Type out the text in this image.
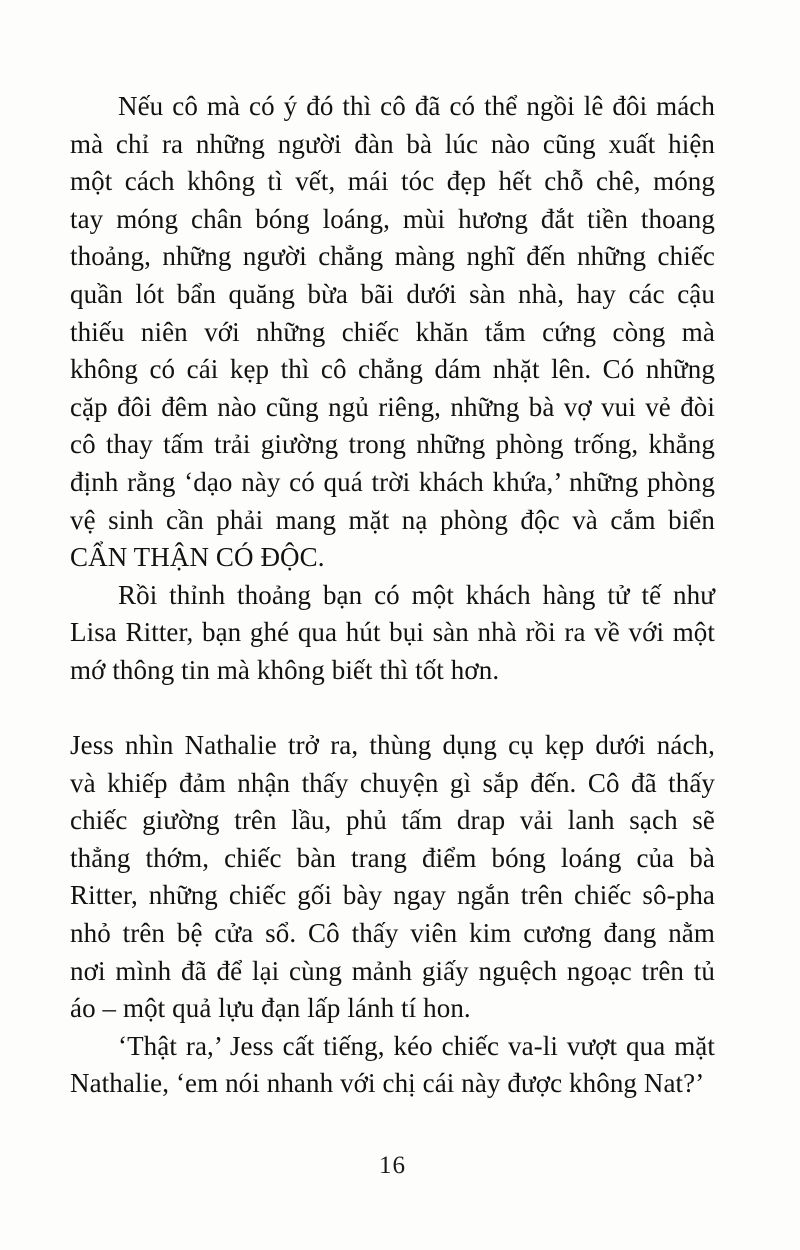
Nếu cô mà có ý đó thì cô đã có thể ngồi lê đôi mách
mà chỉ ra những người đàn bà lúc nào cũng xuất hiện
một cách không tì vết, mái tóc đẹp hết chỗ chê, móng
tay móng chân bóng loáng, mùi hương đắt tiền thoang
thoảng, những người chẳng màng nghĩ đến những chiếc
quần lót bẩn quăng bừa bãi dưới sàn nhà, hay các cậu
thiếu niên với những chiếc khăn tắm cứng còng mà
không có cái kẹp thì cô chẳng dám nhặt lên. Có những
cặp đôi đêm nào cũng ngủ riêng, những bà vợ vui vẻ đòi
cô thay tấm trải giường trong những phòng trống, khẳng
định rằng ‘dạo này có quá trời khách khứa,’ những phòng
vệ sinh cần phải mang mặt nạ phòng độc và cắm biển
CẨN THẬN CÓ ĐỘC.

Rồi thỉnh thoảng bạn có một khách hàng tử tế như
Lisa Ritter, bạn ghé qua hút bụi sàn nhà rồi ra về với một
mớ thông tin mà không biết thì tốt hơn.

Jess nhìn Nathalie trở ra, thùng dụng cụ kẹp dưới nách,
và khiếp đảm nhận thấy chuyện gì sắp đến. Cô đã thấy
chiếc giường trên lầu, phủ tấm drap vải lanh sạch sẽ
thẳng thớm, chiếc bàn trang điểm bóng loáng của bà
Ritter, những chiếc gối bày ngay ngắn trên chiếc sô-pha
nhỏ trên bệ cửa sổ. Cô thấy viên kim cương đang nằm
nơi mình đã để lại cùng mảnh giấy nguệch ngoạc trên tủ
áo – một quả lựu đạn lấp lánh tí hon.

‘Thật ra,’ Jess cất tiếng, kéo chiếc va-li vượt qua mặt
Nathalie, ‘em nói nhanh với chị cái này được không Nat?’

16
